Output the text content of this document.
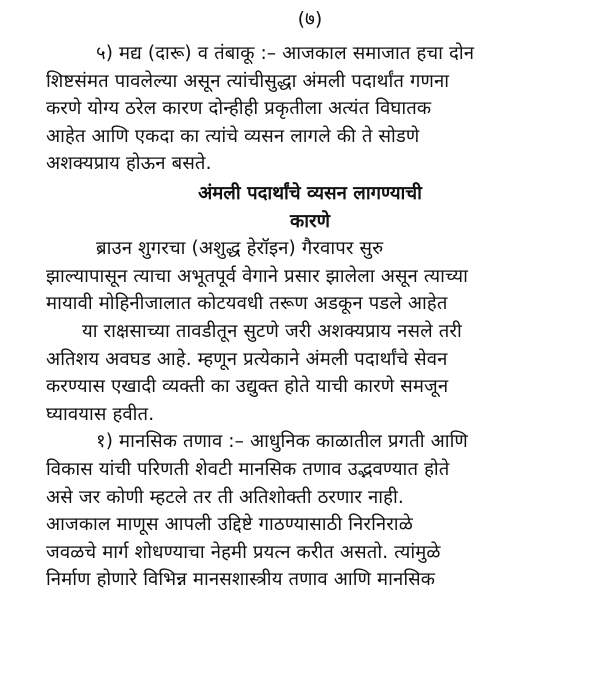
(७)
५) मद्य (दारू) व तंबाकू :– आजकाल समाजात हचा दोन
शिष्टसंमत पावलेल्या असून त्यांचीसुद्धा अंमली पदार्थांत गणना
करणे योग्य ठरेल कारण दोन्हीही प्रकृतीला अत्यंत विघातक
आहेत आणि एकदा का त्यांचे व्यसन लागले की ते सोडणे
अशक्यप्राय होऊन बसते.
अंमली पदार्थांचे व्यसन लागण्याची
कारणे
ब्राउन शुगरचा (अशुद्ध हेरॉइन) गैरवापर सुरु
झाल्यापासून त्याचा अभूतपूर्व वेगाने प्रसार झालेला असून त्याच्या
मायावी मोहिनीजालात कोटयवधी तरूण अडकून पडले आहेत
या राक्षसाच्या तावडीतून सुटणे जरी अशक्यप्राय नसले तरी
अतिशय अवघड आहे. म्हणून प्रत्येकाने अंमली पदार्थांचे सेवन
करण्यास एखादी व्यक्ती का उद्युक्त होते याची कारणे समजून
घ्यावयास हवीत.
१) मानसिक तणाव :– आधुनिक काळातील प्रगती आणि
विकास यांची परिणती शेवटी मानसिक तणाव उद्भवण्यात होते
असे जर कोणी म्हटले तर ती अतिशोक्ती ठरणार नाही.
आजकाल माणूस आपली उद्दिष्टे गाठण्यासाठी निरनिराळे
जवळचे मार्ग शोधण्याचा नेहमी प्रयत्न करीत असतो. त्यांमुळे
निर्माण होणारे विभिन्न मानसशास्त्रीय तणाव आणि मानसिक
